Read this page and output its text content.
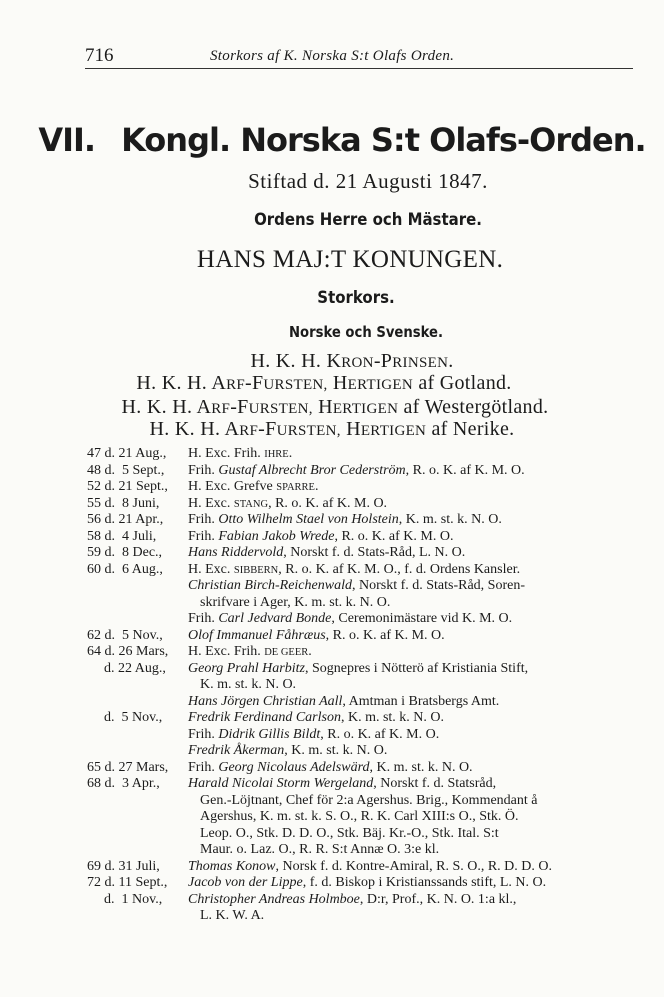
716	Storkors af K. Norska S:t Olafs Orden.
VII. Kongl. Norska S:t Olafs-Orden.
Stiftad d. 21 Augusti 1847.
Ordens Herre och Mästare.
HANS MAJ:T KONUNGEN.
Storkors.
Norske och Svenske.
H. K. H. KRON-PRINSEN.
H. K. H. ARF-FURSTEN, HERTIGEN af Gotland.
H. K. H. ARF-FURSTEN, HERTIGEN af Westergötland.
H. K. H. ARF-FURSTEN, HERTIGEN af Nerike.
47 d. 21 Aug.,	H. Exc. Frih. IHRE.
48 d.  5 Sept.,	Frih. Gustaf Albrecht Bror Cederström, R. o. K. af K. M. O.
52 d. 21 Sept.,	H. Exc. Grefve SPARRE.
55 d.  8 Juni,	H. Exc. STANG, R. o. K. af K. M. O.
56 d. 21 Apr.,	Frih. Otto Wilhelm Stael von Holstein, K. m. st. k. N. O.
58 d.  4 Juli,	Frih. Fabian Jakob Wrede, R. o. K. af K. M. O.
59 d.  8 Dec.,	Hans Riddervold, Norskt f. d. Stats-Råd, L. N. O.
60 d.  6 Aug.,	H. Exc. SIBBERN, R. o. K. af K. M. O., f. d. Ordens Kansler.
Christian Birch-Reichenwald, Norskt f. d. Stats-Råd, Soren-
skrifvare i Ager, K. m. st. k. N. O.
Frih. Carl Jedvard Bonde, Ceremonimästare vid K. M. O.
62 d.  5 Nov.,	Olof Immanuel Fåhræus, R. o. K. af K. M. O.
64 d. 26 Mars,	H. Exc. Frih. DE GEER.
d. 22 Aug.,	Georg Prahl Harbitz, Sognepres i Nötterö af Kristiania Stift,
K. m. st. k. N. O.
Hans Jörgen Christian Aall, Amtman i Bratsbergs Amt.
d.  5 Nov.,	Fredrik Ferdinand Carlson, K. m. st. k. N. O.
Frih. Didrik Gillis Bildt, R. o. K. af K. M. O.
Fredrik Åkerman, K. m. st. k. N. O.
65 d. 27 Mars,	Frih. Georg Nicolaus Adelswärd, K. m. st. k. N. O.
68 d.  3 Apr.,	Harald Nicolai Storm Wergeland, Norskt f. d. Statsråd,
Gen.-Löjtnant, Chef för 2:a Agershus. Brig., Kommendant å
Agershus, K. m. st. k. S. O., R. K. Carl XIII:s O., Stk. Ö.
Leop. O., Stk. D. D. O., Stk. Bäj. Kr.-O., Stk. Ital. S:t
Maur. o. Laz. O., R. R. S:t Annæ O. 3:e kl.
69 d. 31 Juli,	Thomas Konow, Norsk f. d. Kontre-Amiral, R. S. O., R. D. D. O.
72 d. 11 Sept.,	Jacob von der Lippe, f. d. Biskop i Kristianssands stift, L. N. O.
d.  1 Nov.,	Christopher Andreas Holmboe, D:r, Prof., K. N. O. 1:a kl.,
L. K. W. A.
